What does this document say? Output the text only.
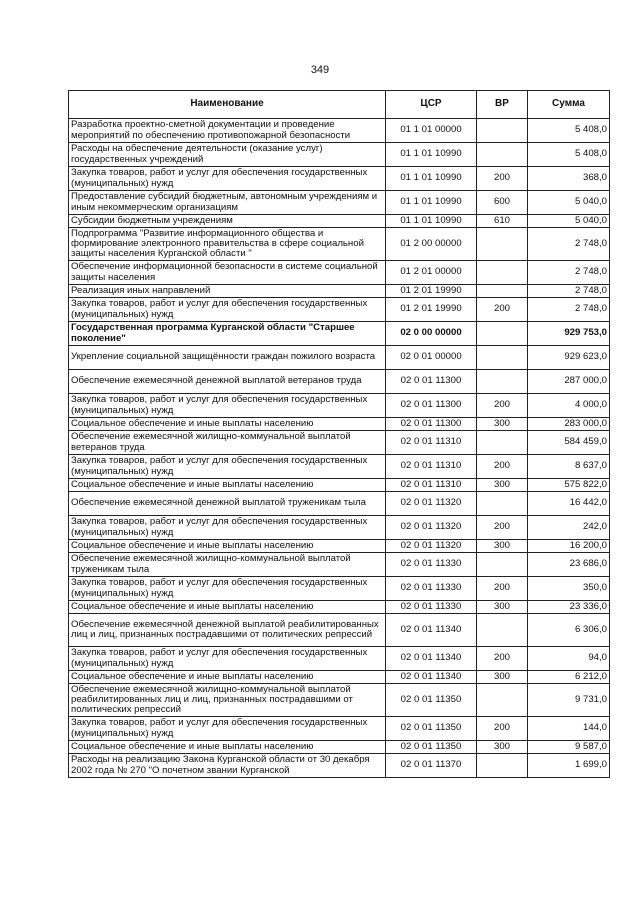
349
Наименование	ЦСР	ВР	Сумма
Разработка проектно-сметной документации и проведение мероприятий по обеспечению противопожарной безопасности	01 1 01 00000		5 408,0
Расходы на обеспечение деятельности (оказание услуг) государственных учреждений	01 1 01 10990		5 408,0
Закупка товаров, работ и услуг для обеспечения государственных (муниципальных) нужд	01 1 01 10990	200	368,0
Предоставление субсидий бюджетным, автономным учреждениям и иным некоммерческим организациям	01 1 01 10990	600	5 040,0
Субсидии бюджетным учреждениям	01 1 01 10990	610	5 040,0
Подпрограмма "Развитие информационного общества и формирование электронного правительства в сфере социальной защиты населения Курганской области "	01 2 00 00000		2 748,0
Обеспечение информационной безопасности в системе социальной защиты населения	01 2 01 00000		2 748,0
Реализация иных направлений	01 2 01 19990		2 748,0
Закупка товаров, работ и услуг для обеспечения государственных (муниципальных) нужд	01 2 01 19990	200	2 748,0
Государственная программа Курганской области "Старшее поколение"	02 0 00 00000		929 753,0
Укрепление социальной защищённости граждан пожилого возраста	02 0 01 00000		929 623,0
Обеспечение ежемесячной денежной выплатой ветеранов труда	02 0 01 11300		287 000,0
Закупка товаров, работ и услуг для обеспечения государственных (муниципальных) нужд	02 0 01 11300	200	4 000,0
Социальное обеспечение и иные выплаты населению	02 0 01 11300	300	283 000,0
Обеспечение ежемесячной жилищно-коммунальной выплатой ветеранов труда	02 0 01 11310		584 459,0
Закупка товаров, работ и услуг для обеспечения государственных (муниципальных) нужд	02 0 01 11310	200	8 637,0
Социальное обеспечение и иные выплаты населению	02 0 01 11310	300	575 822,0
Обеспечение ежемесячной денежной выплатой труженикам тыла	02 0 01 11320		16 442,0
Закупка товаров, работ и услуг для обеспечения государственных (муниципальных) нужд	02 0 01 11320	200	242,0
Социальное обеспечение и иные выплаты населению	02 0 01 11320	300	16 200,0
Обеспечение ежемесячной жилищно-коммунальной выплатой труженикам тыла	02 0 01 11330		23 686,0
Закупка товаров, работ и услуг для обеспечения государственных (муниципальных) нужд	02 0 01 11330	200	350,0
Социальное обеспечение и иные выплаты населению	02 0 01 11330	300	23 336,0
Обеспечение ежемесячной денежной выплатой реабилитированных лиц и лиц, признанных пострадавшими от политических репрессий	02 0 01 11340		6 306,0
Закупка товаров, работ и услуг для обеспечения государственных (муниципальных) нужд	02 0 01 11340	200	94,0
Социальное обеспечение и иные выплаты населению	02 0 01 11340	300	6 212,0
Обеспечение ежемесячной жилищно-коммунальной выплатой реабилитированных лиц и лиц, признанных пострадавшими от политических репрессий	02 0 01 11350		9 731,0
Закупка товаров, работ и услуг для обеспечения государственных (муниципальных) нужд	02 0 01 11350	200	144,0
Социальное обеспечение и иные выплаты населению	02 0 01 11350	300	9 587,0
Расходы на реализацию Закона Курганской области от 30 декабря 2002 года № 270 "О почетном звании Курганской	02 0 01 11370		1 699,0
